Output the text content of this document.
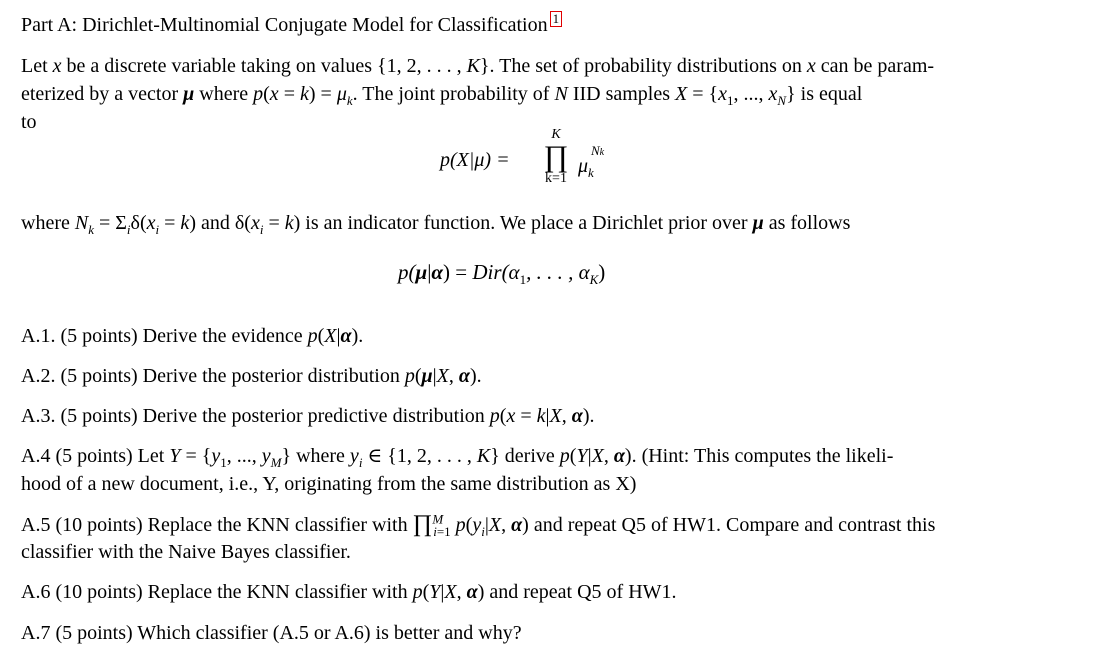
Part A: Dirichlet-Multinomial Conjugate Model for Classification 1
Let x be a discrete variable taking on values {1, 2, . . . , K}. The set of probability distributions on x can be param-
eterized by a vector μ where $p(x = k) = \mu_k$. The joint probability of N IID samples $X = \{x_1$, ..., $x_N$} is equal
to
p(X|μ) =
K
∏
k=1
μ
Nk
k
where $N_k = \Sigma_i\delta(x_i = k)$ and $\delta(x_i = k)$ is an indicator function. We place a Dirichlet prior over μ as follows
$p(\mu|\alpha) = Dir(\alpha_1$, . . . , $\alpha_K$)
A.1. (5 points) Derive the evidence p(X|α).
A.2. (5 points) Derive the posterior distribution p(μ|X, α).
A.3. (5 points) Derive the posterior predictive distribution p(x = k|X, α).
A.4 (5 points) Let $Y = \{y_1$, ..., $y_M$} where $y_i$ ∈ {1, 2, . . . , K} derive p(Y|X, α). (Hint: This computes the likeli-
hood of a new document, i.e., Y, originating from the same distribution as X)
A.5 (10 points) Replace the KNN classifier with ∏$^M_{i=1}$ $p(y_i|X$, α) and repeat Q5 of HW1. Compare and contrast this
classifier with the Naive Bayes classifier.
A.6 (10 points) Replace the KNN classifier with p(Y|X, α) and repeat Q5 of HW1.
A.7 (5 points) Which classifier (A.5 or A.6) is better and why?
